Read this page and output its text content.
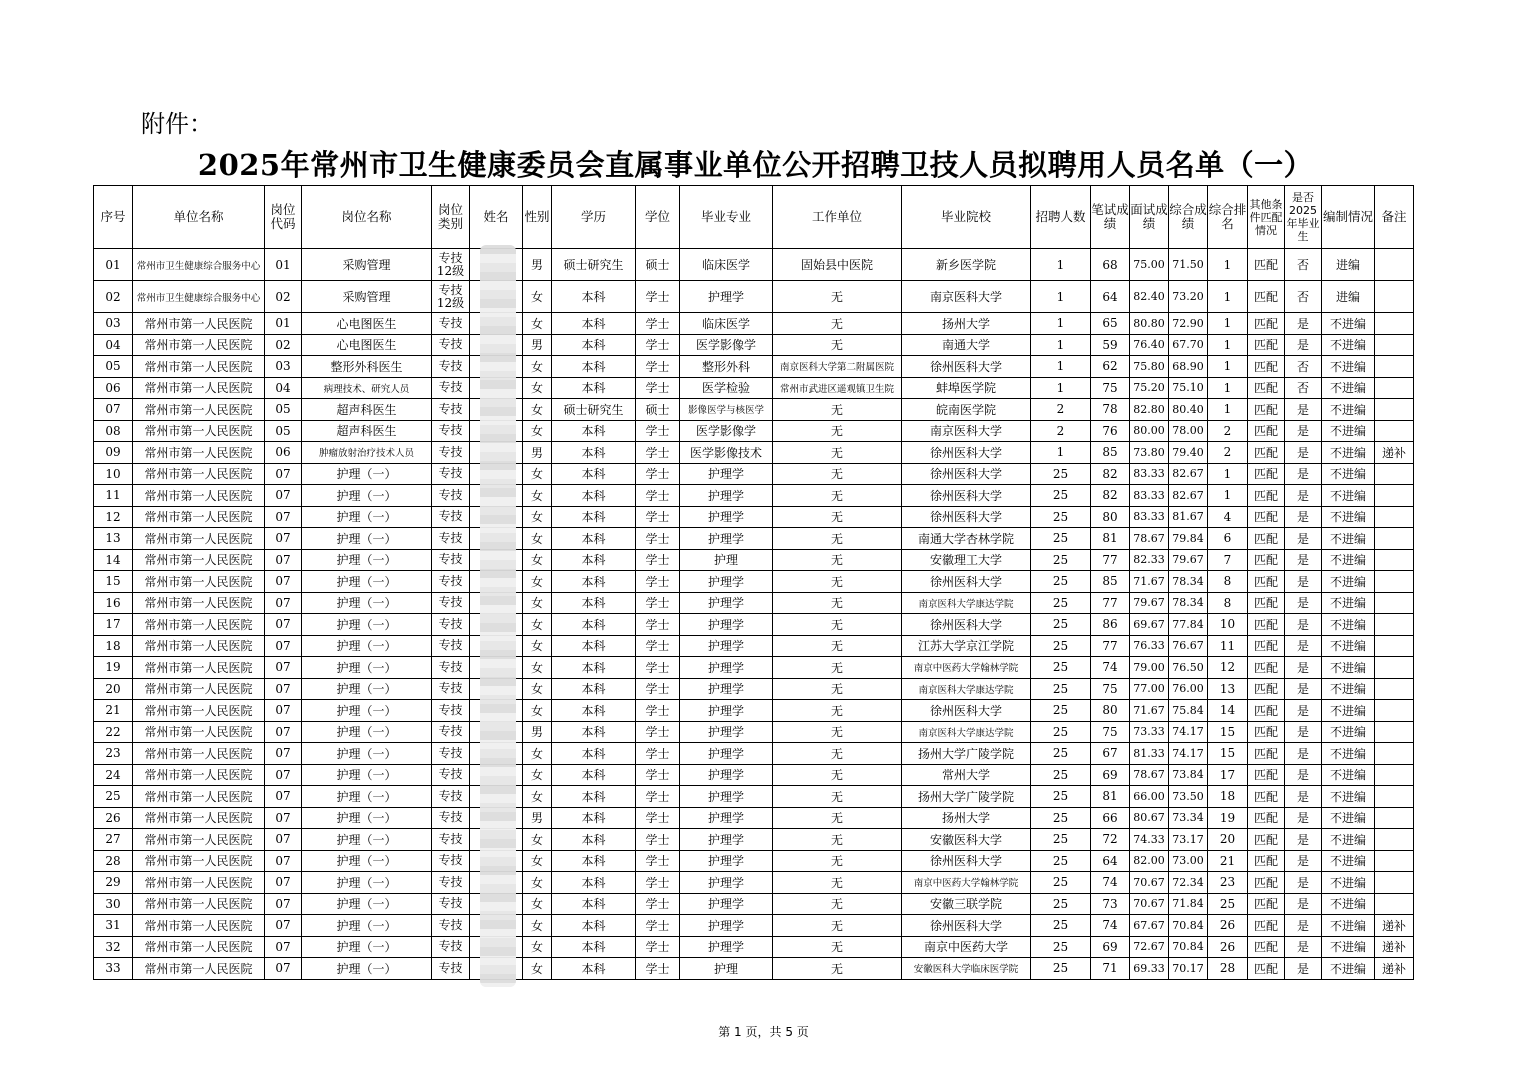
附件：
2025年常州市卫生健康委员会直属事业单位公开招聘卫技人员拟聘用人员名单（一）
序号	单位名称	岗位代码	岗位名称	岗位类别	姓名	性别	学历	学位	毕业专业	工作单位	毕业院校	招聘人数	笔试成绩	面试成绩	综合成绩	综合排名	其他条件匹配情况	是否2025年毕业生	编制情况	备注
01	常州市卫生健康综合服务中心	01	采购管理	专技12级		男	硕士研究生	硕士	临床医学	固始县中医院	新乡医学院	1	68	75.00	71.50	1	匹配	否	进编	
02	常州市卫生健康综合服务中心	02	采购管理	专技12级		女	本科	学士	护理学	无	南京医科大学	1	64	82.40	73.20	1	匹配	否	进编	
03	常州市第一人民医院	01	心电图医生	专技		女	本科	学士	临床医学	无	扬州大学	1	65	80.80	72.90	1	匹配	是	不进编	
04	常州市第一人民医院	02	心电图医生	专技		男	本科	学士	医学影像学	无	南通大学	1	59	76.40	67.70	1	匹配	是	不进编	
05	常州市第一人民医院	03	整形外科医生	专技		女	本科	学士	整形外科	南京医科大学第二附属医院	徐州医科大学	1	62	75.80	68.90	1	匹配	否	不进编	
06	常州市第一人民医院	04	病理技术、研究人员	专技		女	本科	学士	医学检验	常州市武进区遥观镇卫生院	蚌埠医学院	1	75	75.20	75.10	1	匹配	否	不进编	
07	常州市第一人民医院	05	超声科医生	专技		女	硕士研究生	硕士	影像医学与核医学	无	皖南医学院	2	78	82.80	80.40	1	匹配	是	不进编	
08	常州市第一人民医院	05	超声科医生	专技		女	本科	学士	医学影像学	无	南京医科大学	2	76	80.00	78.00	2	匹配	是	不进编	
09	常州市第一人民医院	06	肿瘤放射治疗技术人员	专技		男	本科	学士	医学影像技术	无	徐州医科大学	1	85	73.80	79.40	2	匹配	是	不进编	递补
10	常州市第一人民医院	07	护理（一）	专技		女	本科	学士	护理学	无	徐州医科大学	25	82	83.33	82.67	1	匹配	是	不进编	
11	常州市第一人民医院	07	护理（一）	专技		女	本科	学士	护理学	无	徐州医科大学	25	82	83.33	82.67	1	匹配	是	不进编	
12	常州市第一人民医院	07	护理（一）	专技		女	本科	学士	护理学	无	徐州医科大学	25	80	83.33	81.67	4	匹配	是	不进编	
13	常州市第一人民医院	07	护理（一）	专技		女	本科	学士	护理学	无	南通大学杏林学院	25	81	78.67	79.84	6	匹配	是	不进编	
14	常州市第一人民医院	07	护理（一）	专技		女	本科	学士	护理	无	安徽理工大学	25	77	82.33	79.67	7	匹配	是	不进编	
15	常州市第一人民医院	07	护理（一）	专技		女	本科	学士	护理学	无	徐州医科大学	25	85	71.67	78.34	8	匹配	是	不进编	
16	常州市第一人民医院	07	护理（一）	专技		女	本科	学士	护理学	无	南京医科大学康达学院	25	77	79.67	78.34	8	匹配	是	不进编	
17	常州市第一人民医院	07	护理（一）	专技		女	本科	学士	护理学	无	徐州医科大学	25	86	69.67	77.84	10	匹配	是	不进编	
18	常州市第一人民医院	07	护理（一）	专技		女	本科	学士	护理学	无	江苏大学京江学院	25	77	76.33	76.67	11	匹配	是	不进编	
19	常州市第一人民医院	07	护理（一）	专技		女	本科	学士	护理学	无	南京中医药大学翰林学院	25	74	79.00	76.50	12	匹配	是	不进编	
20	常州市第一人民医院	07	护理（一）	专技		女	本科	学士	护理学	无	南京医科大学康达学院	25	75	77.00	76.00	13	匹配	是	不进编	
21	常州市第一人民医院	07	护理（一）	专技		女	本科	学士	护理学	无	徐州医科大学	25	80	71.67	75.84	14	匹配	是	不进编	
22	常州市第一人民医院	07	护理（一）	专技		男	本科	学士	护理学	无	南京医科大学康达学院	25	75	73.33	74.17	15	匹配	是	不进编	
23	常州市第一人民医院	07	护理（一）	专技		女	本科	学士	护理学	无	扬州大学广陵学院	25	67	81.33	74.17	15	匹配	是	不进编	
24	常州市第一人民医院	07	护理（一）	专技		女	本科	学士	护理学	无	常州大学	25	69	78.67	73.84	17	匹配	是	不进编	
25	常州市第一人民医院	07	护理（一）	专技		女	本科	学士	护理学	无	扬州大学广陵学院	25	81	66.00	73.50	18	匹配	是	不进编	
26	常州市第一人民医院	07	护理（一）	专技		男	本科	学士	护理学	无	扬州大学	25	66	80.67	73.34	19	匹配	是	不进编	
27	常州市第一人民医院	07	护理（一）	专技		女	本科	学士	护理学	无	安徽医科大学	25	72	74.33	73.17	20	匹配	是	不进编	
28	常州市第一人民医院	07	护理（一）	专技		女	本科	学士	护理学	无	徐州医科大学	25	64	82.00	73.00	21	匹配	是	不进编	
29	常州市第一人民医院	07	护理（一）	专技		女	本科	学士	护理学	无	南京中医药大学翰林学院	25	74	70.67	72.34	23	匹配	是	不进编	
30	常州市第一人民医院	07	护理（一）	专技		女	本科	学士	护理学	无	安徽三联学院	25	73	70.67	71.84	25	匹配	是	不进编	
31	常州市第一人民医院	07	护理（一）	专技		女	本科	学士	护理学	无	徐州医科大学	25	74	67.67	70.84	26	匹配	是	不进编	递补
32	常州市第一人民医院	07	护理（一）	专技		女	本科	学士	护理学	无	南京中医药大学	25	69	72.67	70.84	26	匹配	是	不进编	递补
33	常州市第一人民医院	07	护理（一）	专技		女	本科	学士	护理	无	安徽医科大学临床医学院	25	71	69.33	70.17	28	匹配	是	不进编	递补
第 1 页，共 5 页
